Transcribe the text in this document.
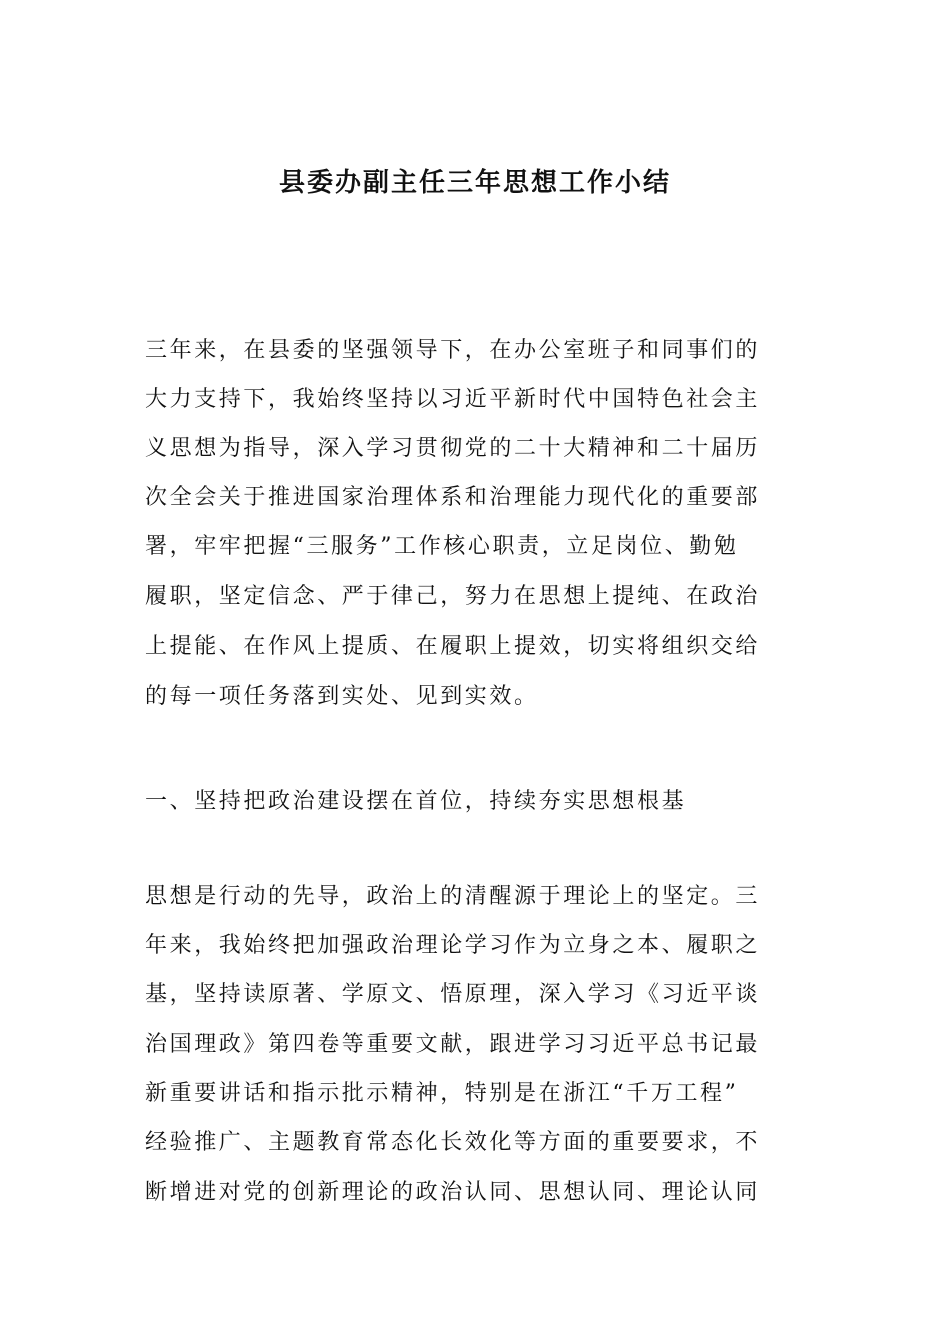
县委办副主任三年思想工作小结
三年来，在县委的坚强领导下，在办公室班子和同事们的
大力支持下，我始终坚持以习近平新时代中国特色社会主
义思想为指导，深入学习贯彻党的二十大精神和二十届历
次全会关于推进国家治理体系和治理能力现代化的重要部
署，牢牢把握“三服务”工作核心职责，立足岗位、勤勉
履职，坚定信念、严于律己，努力在思想上提纯、在政治
上提能、在作风上提质、在履职上提效，切实将组织交给
的每一项任务落到实处、见到实效。
一、坚持把政治建设摆在首位，持续夯实思想根基
思想是行动的先导，政治上的清醒源于理论上的坚定。三
年来，我始终把加强政治理论学习作为立身之本、履职之
基，坚持读原著、学原文、悟原理，深入学习《习近平谈
治国理政》第四卷等重要文献，跟进学习习近平总书记最
新重要讲话和指示批示精神，特别是在浙江“千万工程”
经验推广、主题教育常态化长效化等方面的重要要求，不
断增进对党的创新理论的政治认同、思想认同、理论认同
